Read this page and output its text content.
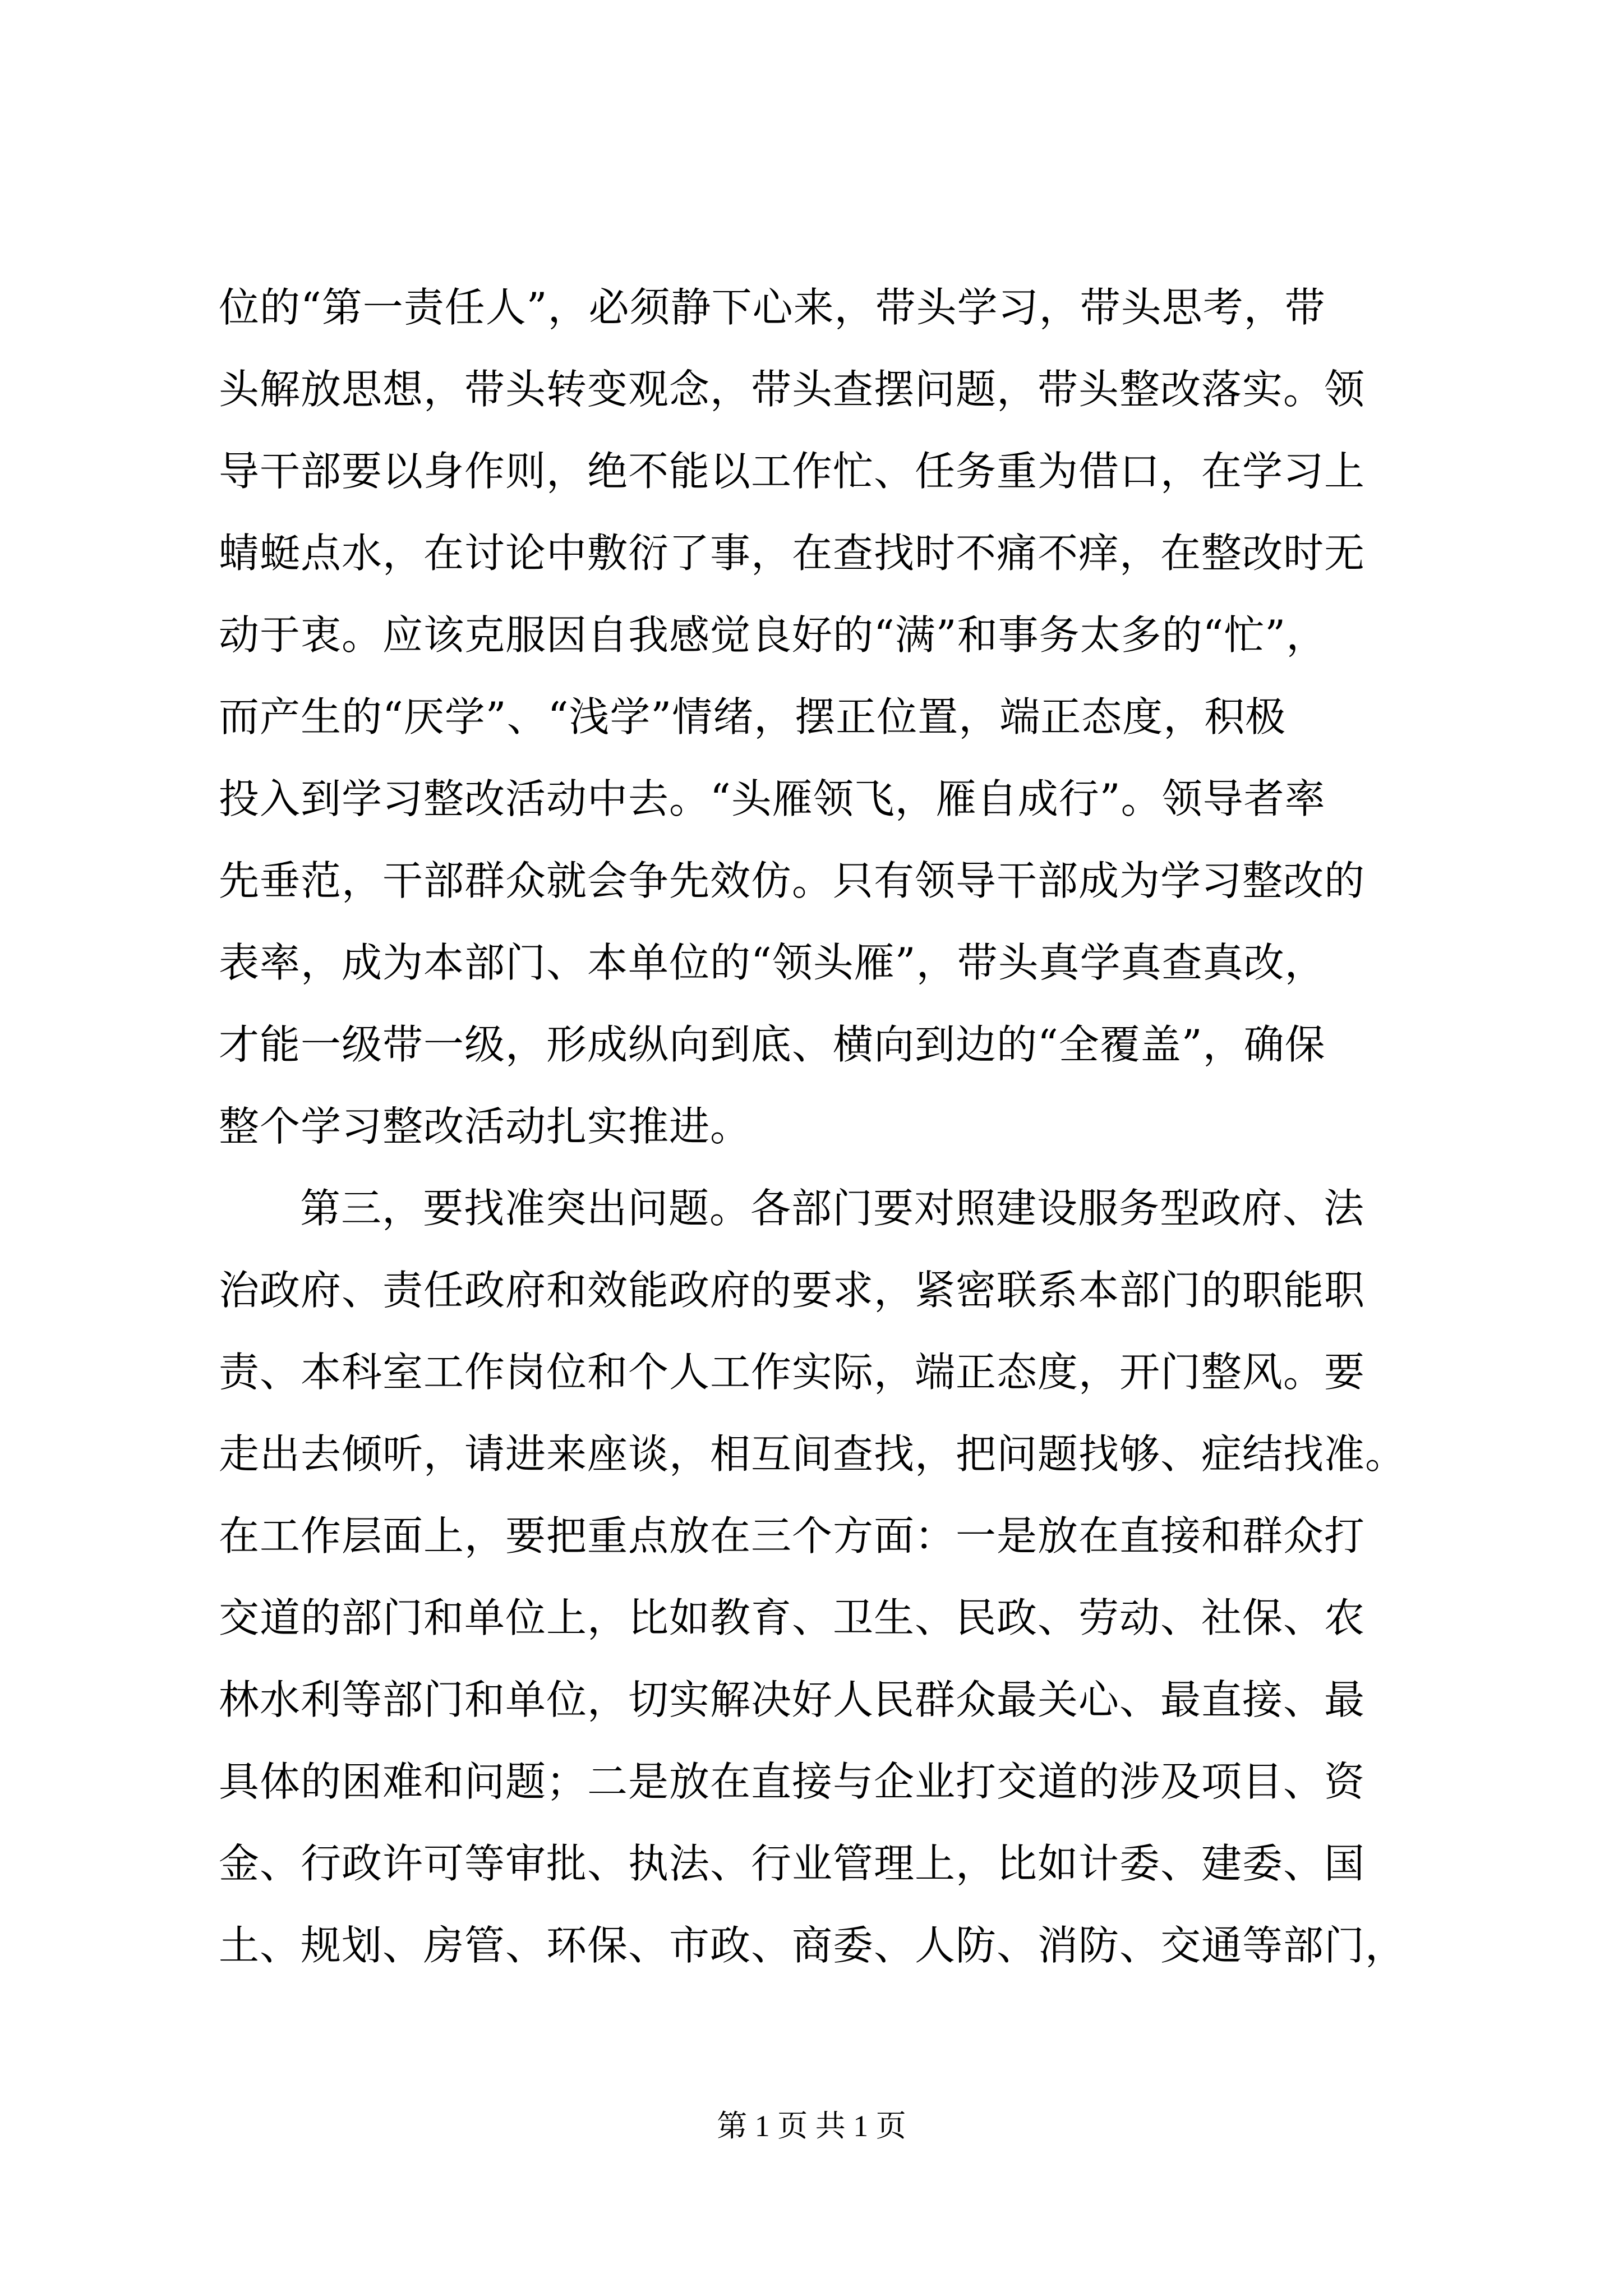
位的“第一责任人”，必须静下心来，带头学习，带头思考，带
头解放思想，带头转变观念，带头查摆问题，带头整改落实。领
导干部要以身作则，绝不能以工作忙、任务重为借口，在学习上
蜻蜓点水，在讨论中敷衍了事，在查找时不痛不痒，在整改时无
动于衷。应该克服因自我感觉良好的“满”和事务太多的“忙”，
而产生的“厌学”、“浅学”情绪，摆正位置，端正态度，积极
投入到学习整改活动中去。“头雁领飞，雁自成行”。领导者率
先垂范，干部群众就会争先效仿。只有领导干部成为学习整改的
表率，成为本部门、本单位的“领头雁”，带头真学真查真改，
才能一级带一级，形成纵向到底、横向到边的“全覆盖”，确保
整个学习整改活动扎实推进。
第三，要找准突出问题。各部门要对照建设服务型政府、法
治政府、责任政府和效能政府的要求，紧密联系本部门的职能职
责、本科室工作岗位和个人工作实际，端正态度，开门整风。要
走出去倾听，请进来座谈，相互间查找，把问题找够、症结找准。
在工作层面上，要把重点放在三个方面：一是放在直接和群众打
交道的部门和单位上，比如教育、卫生、民政、劳动、社保、农
林水利等部门和单位，切实解决好人民群众最关心、最直接、最
具体的困难和问题；二是放在直接与企业打交道的涉及项目、资
金、行政许可等审批、执法、行业管理上，比如计委、建委、国
土、规划、房管、环保、市政、商委、人防、消防、交通等部门，
第 1 页 共 1 页
